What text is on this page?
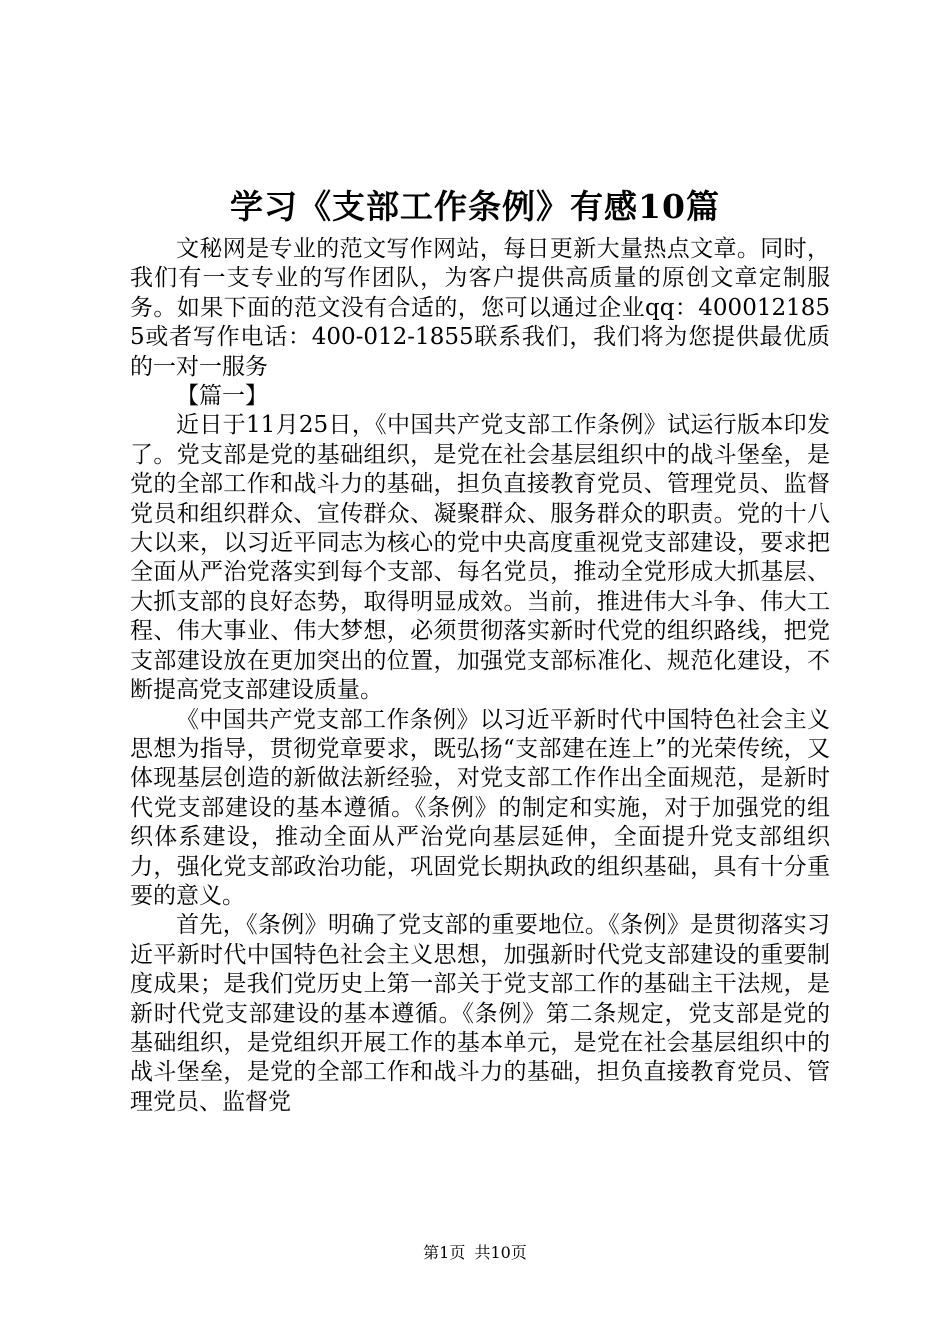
学习《支部工作条例》有感10篇

文秘网是专业的范文写作网站，每日更新大量热点文章。同时，我们有一支专业的写作团队，为客户提供高质量的原创文章定制服务。如果下面的范文没有合适的，您可以通过企业qq：4000121855或者写作电话：400-012-1855联系我们，我们将为您提供最优质的一对一服务

【篇一】

近日于11月25日，《中国共产党支部工作条例》试运行版本印发了。党支部是党的基础组织，是党在社会基层组织中的战斗堡垒，是党的全部工作和战斗力的基础，担负直接教育党员、管理党员、监督党员和组织群众、宣传群众、凝聚群众、服务群众的职责。党的十八大以来，以习近平同志为核心的党中央高度重视党支部建设，要求把全面从严治党落实到每个支部、每名党员，推动全党形成大抓基层、大抓支部的良好态势，取得明显成效。当前，推进伟大斗争、伟大工程、伟大事业、伟大梦想，必须贯彻落实新时代党的组织路线，把党支部建设放在更加突出的位置，加强党支部标准化、规范化建设，不断提高党支部建设质量。

《中国共产党支部工作条例》以习近平新时代中国特色社会主义思想为指导，贯彻党章要求，既弘扬“支部建在连上”的光荣传统，又体现基层创造的新做法新经验，对党支部工作作出全面规范，是新时代党支部建设的基本遵循。《条例》的制定和实施，对于加强党的组织体系建设，推动全面从严治党向基层延伸，全面提升党支部组织力，强化党支部政治功能，巩固党长期执政的组织基础，具有十分重要的意义。

首先，《条例》明确了党支部的重要地位。《条例》是贯彻落实习近平新时代中国特色社会主义思想，加强新时代党支部建设的重要制度成果；是我们党历史上第一部关于党支部工作的基础主干法规，是新时代党支部建设的基本遵循。《条例》第二条规定，党支部是党的基础组织，是党组织开展工作的基本单元，是党在社会基层组织中的战斗堡垒，是党的全部工作和战斗力的基础，担负直接教育党员、管理党员、监督党

第1页 共10页
